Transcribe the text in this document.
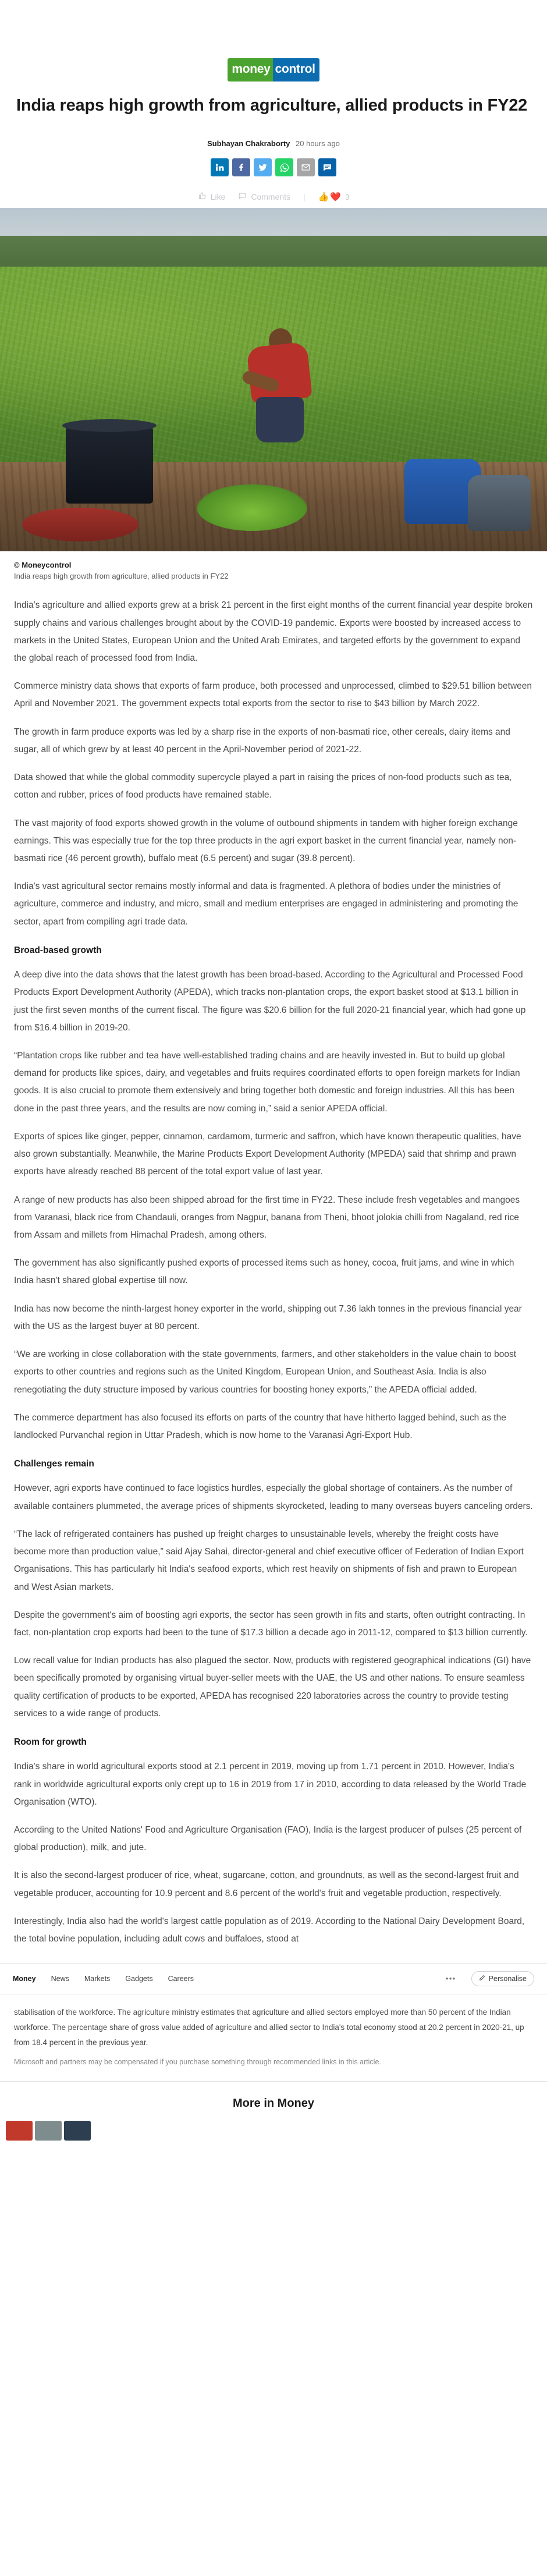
money control
India reaps high growth from agriculture, allied products in FY22
Subhayan Chakraborty 20 hours ago
Like	Comments | 👍 ❤️ 3
© Moneycontrol
India reaps high growth from agriculture, allied products in FY22

India's agriculture and allied exports grew at a brisk 21 percent in the first eight months of the current financial year despite broken supply chains and various challenges brought about by the COVID-19 pandemic. Exports were boosted by increased access to markets in the United States, European Union and the United Arab Emirates, and targeted efforts by the government to expand the global reach of processed food from India.

Commerce ministry data shows that exports of farm produce, both processed and unprocessed, climbed to $29.51 billion between April and November 2021. The government expects total exports from the sector to rise to $43 billion by March 2022.

The growth in farm produce exports was led by a sharp rise in the exports of non-basmati rice, other cereals, dairy items and sugar, all of which grew by at least 40 percent in the April-November period of 2021-22.

Data showed that while the global commodity supercycle played a part in raising the prices of non-food products such as tea, cotton and rubber, prices of food products have remained stable.

The vast majority of food exports showed growth in the volume of outbound shipments in tandem with higher foreign exchange earnings. This was especially true for the top three products in the agri export basket in the current financial year, namely non-basmati rice (46 percent growth), buffalo meat (6.5 percent) and sugar (39.8 percent).

India's vast agricultural sector remains mostly informal and data is fragmented. A plethora of bodies under the ministries of agriculture, commerce and industry, and micro, small and medium enterprises are engaged in administering and promoting the sector, apart from compiling agri trade data.

Broad-based growth

A deep dive into the data shows that the latest growth has been broad-based. According to the Agricultural and Processed Food Products Export Development Authority (APEDA), which tracks non-plantation crops, the export basket stood at $13.1 billion in just the first seven months of the current fiscal. The figure was $20.6 billion for the full 2020-21 financial year, which had gone up from $16.4 billion in 2019-20.

“Plantation crops like rubber and tea have well-established trading chains and are heavily invested in. But to build up global demand for products like spices, dairy, and vegetables and fruits requires coordinated efforts to open foreign markets for Indian goods. It is also crucial to promote them extensively and bring together both domestic and foreign industries. All this has been done in the past three years, and the results are now coming in,” said a senior APEDA official.

Exports of spices like ginger, pepper, cinnamon, cardamom, turmeric and saffron, which have known therapeutic qualities, have also grown substantially. Meanwhile, the Marine Products Export Development Authority (MPEDA) said that shrimp and prawn exports have already reached 88 percent of the total export value of last year.

A range of new products has also been shipped abroad for the first time in FY22. These include fresh vegetables and mangoes from Varanasi, black rice from Chandauli, oranges from Nagpur, banana from Theni, bhoot jolokia chilli from Nagaland, red rice from Assam and millets from Himachal Pradesh, among others.

The government has also significantly pushed exports of processed items such as honey, cocoa, fruit jams, and wine in which India hasn't shared global expertise till now.

India has now become the ninth-largest honey exporter in the world, shipping out 7.36 lakh tonnes in the previous financial year with the US as the largest buyer at 80 percent.

“We are working in close collaboration with the state governments, farmers, and other stakeholders in the value chain to boost exports to other countries and regions such as the United Kingdom, European Union, and Southeast Asia. India is also renegotiating the duty structure imposed by various countries for boosting honey exports,” the APEDA official added.

The commerce department has also focused its efforts on parts of the country that have hitherto lagged behind, such as the landlocked Purvanchal region in Uttar Pradesh, which is now home to the Varanasi Agri-Export Hub.

Challenges remain

However, agri exports have continued to face logistics hurdles, especially the global shortage of containers. As the number of available containers plummeted, the average prices of shipments skyrocketed, leading to many overseas buyers canceling orders.

“The lack of refrigerated containers has pushed up freight charges to unsustainable levels, whereby the freight costs have become more than production value,” said Ajay Sahai, director-general and chief executive officer of Federation of Indian Export Organisations. This has particularly hit India's seafood exports, which rest heavily on shipments of fish and prawn to European and West Asian markets.

Despite the government's aim of boosting agri exports, the sector has seen growth in fits and starts, often outright contracting. In fact, non-plantation crop exports had been to the tune of $17.3 billion a decade ago in 2011-12, compared to $13 billion currently.

Low recall value for Indian products has also plagued the sector. Now, products with registered geographical indications (GI) have been specifically promoted by organising virtual buyer-seller meets with the UAE, the US and other nations. To ensure seamless quality certification of products to be exported, APEDA has recognised 220 laboratories across the country to provide testing services to a wide range of products.

Room for growth

India's share in world agricultural exports stood at 2.1 percent in 2019, moving up from 1.71 percent in 2010. However, India's rank in worldwide agricultural exports only crept up to 16 in 2019 from 17 in 2010, according to data released by the World Trade Organisation (WTO).

According to the United Nations' Food and Agriculture Organisation (FAO), India is the largest producer of pulses (25 percent of global production), milk, and jute.

It is also the second-largest producer of rice, wheat, sugarcane, cotton, and groundnuts, as well as the second-largest fruit and vegetable producer, accounting for 10.9 percent and 8.6 percent of the world's fruit and vegetable production, respectively.

Interestingly, India also had the world's largest cattle population as of 2019. According to the National Dairy Development Board, the total bovine population, including adult cows and buffaloes, stood at

Money News Markets Gadgets Careers	•••	Personalise
stabilisation of the workforce. The agriculture ministry estimates that agriculture and allied sectors employed more than 50 percent of the Indian workforce. The percentage share of gross value added of agriculture and allied sector to India's total economy stood at 20.2 percent in 2020-21, up from 18.4 percent in the previous year.
Microsoft and partners may be compensated if you purchase something through recommended links in this article.
More in Money
